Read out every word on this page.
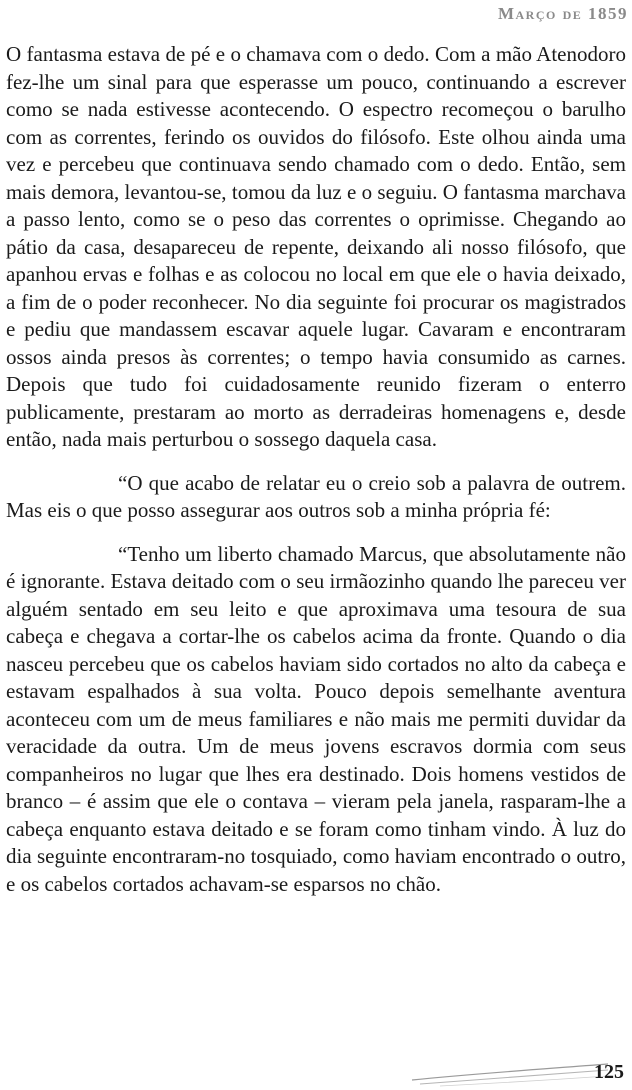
Março de 1859

O fantasma estava de pé e o chamava com o dedo. Com a mão Atenodoro fez-lhe um sinal para que esperasse um pouco, continuando a escrever como se nada estivesse acontecendo. O espectro recomeçou o barulho com as correntes, ferindo os ouvidos do filósofo. Este olhou ainda uma vez e percebeu que continuava sendo chamado com o dedo. Então, sem mais demora, levantou-se, tomou da luz e o seguiu. O fantasma marchava a passo lento, como se o peso das correntes o oprimisse. Chegando ao pátio da casa, desapareceu de repente, deixando ali nosso filósofo, que apanhou ervas e folhas e as colocou no local em que ele o havia deixado, a fim de o poder reconhecer. No dia seguinte foi procurar os magistrados e pediu que mandassem escavar aquele lugar. Cavaram e encontraram ossos ainda presos às correntes; o tempo havia consumido as carnes. Depois que tudo foi cuidadosamente reunido fizeram o enterro publicamente, prestaram ao morto as derradeiras homenagens e, desde então, nada mais perturbou o sossego daquela casa.

“O que acabo de relatar eu o creio sob a palavra de outrem. Mas eis o que posso assegurar aos outros sob a minha própria fé:

“Tenho um liberto chamado Marcus, que absolutamente não é ignorante. Estava deitado com o seu irmãozinho quando lhe pareceu ver alguém sentado em seu leito e que aproximava uma tesoura de sua cabeça e chegava a cortar-lhe os cabelos acima da fronte. Quando o dia nasceu percebeu que os cabelos haviam sido cortados no alto da cabeça e estavam espalhados à sua volta. Pouco depois semelhante aventura aconteceu com um de meus familiares e não mais me permiti duvidar da veracidade da outra. Um de meus jovens escravos dormia com seus companheiros no lugar que lhes era destinado. Dois homens vestidos de branco – é assim que ele o contava – vieram pela janela, rasparam-lhe a cabeça enquanto estava deitado e se foram como tinham vindo. À luz do dia seguinte encontraram-no tosquiado, como haviam encontrado o outro, e os cabelos cortados achavam-se esparsos no chão.

125
